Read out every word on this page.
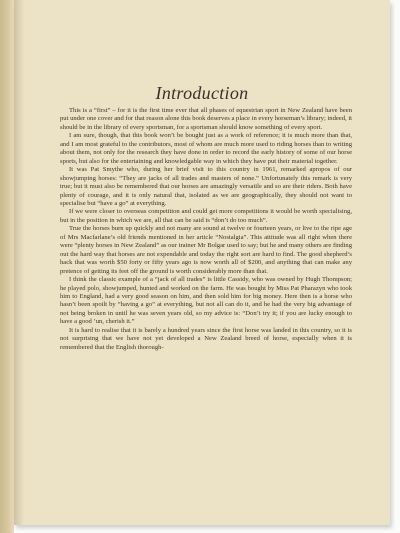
Introduction

This is a “first” – for it is the first time ever that all phases of equestrian sport in New Zealand have been put under one cover and for that reason alone this book deserves a place in every horseman’s library; indeed, it should be in the library of every sportsman, for a sportsman should know something of every sport.

I am sure, though, that this book won’t be bought just as a work of reference; it is much more than that, and I am most grateful to the contributors, most of whom are much more used to riding horses than to writing about them, not only for the research they have done in order to record the early history of some of our horse sports, but also for the entertaining and knowledgable way in which they have put their material together.

It was Pat Smythe who, during her brief visit to this country in 1961, remarked apropos of our showjumping horses: “They are jacks of all trades and masters of none.” Unfortunately this remark is very true; but it must also be remembered that our horses are amazingly versatile and so are their riders. Both have plenty of courage, and it is only natural that, isolated as we are geographically, they should not want to specialise but “have a go” at everything.

If we were closer to overseas competition and could get more competitions it would be worth specialising, but in the position in which we are, all that can be said is “don’t do too much”.

True the horses burn up quickly and not many are sound at twelve or fourteen years, or live to the ripe age of Mrs Macfarlane’s old friends mentioned in her article “Nostalgia”. This attitude was all right when there were “plenty horses in New Zealand” as our trainer Mr Bolgar used to say; but he and many others are finding out the hard way that horses are not expendable and today the right sort are hard to find. The good shepherd’s hack that was worth $50 forty or fifty years ago is now worth all of $200, and anything that can make any pretence of getting its feet off the ground is worth considerably more than that.

I think the classic example of a “jack of all trades” is little Cassidy, who was owned by Hugh Thompson; he played polo, showjumped, hunted and worked on the farm. He was bought by Miss Pat Pharazyn who took him to England, had a very good season on him, and then sold him for big money. Here then is a horse who hasn’t been spoilt by “having a go” at everything, but not all can do it, and he had the very big advantage of not being broken in until he was seven years old, so my advice is: “Don’t try it; if you are lucky enough to have a good ’un, cherish it.”

It is hard to realise that it is barely a hundred years since the first horse was landed in this country, so it is not surprising that we have not yet developed a New Zealand breed of horse, especially when it is remembered that the English thorough-
